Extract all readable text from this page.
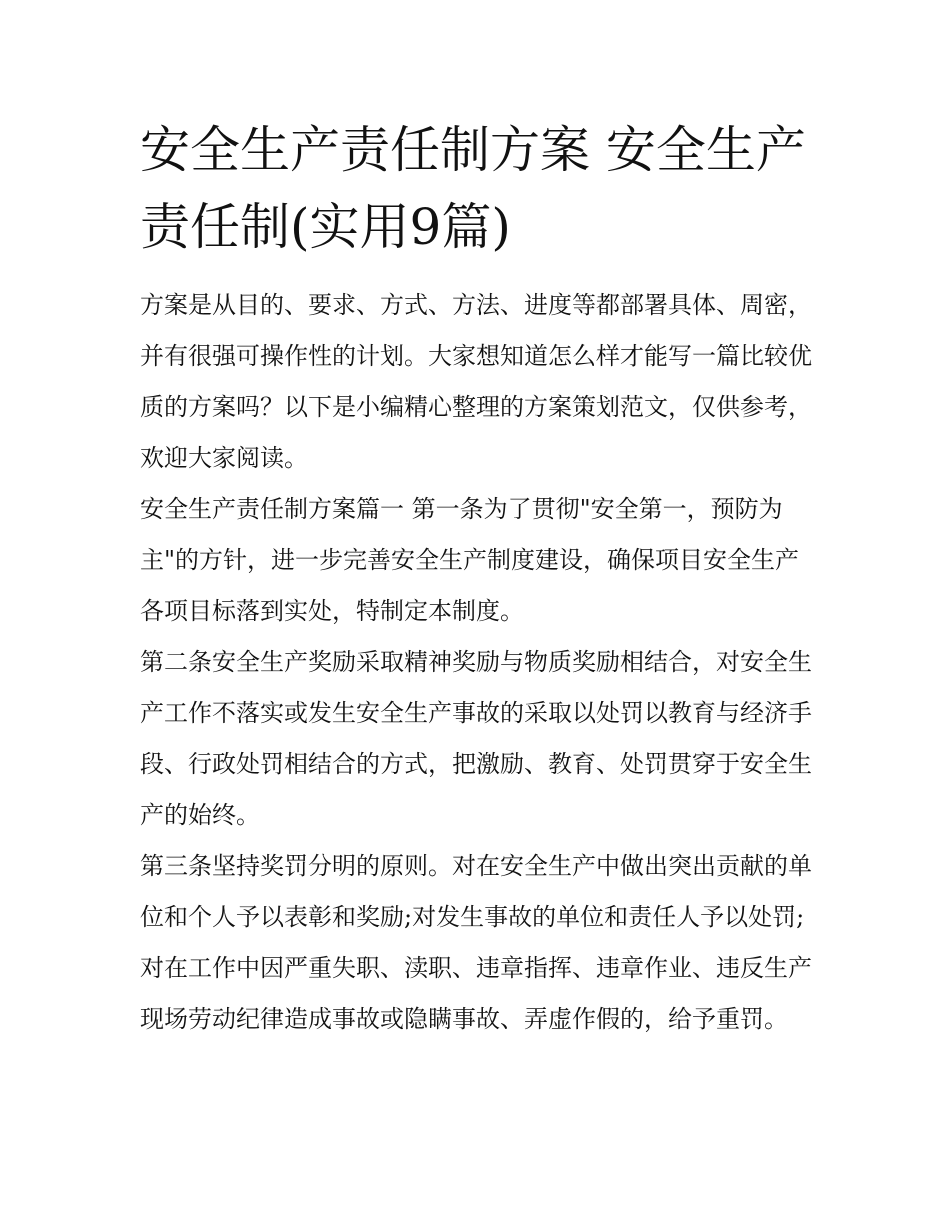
安全生产责任制方案 安全生产责任制(实用9篇)

方案是从目的、要求、方式、方法、进度等都部署具体、周密，并有很强可操作性的计划。大家想知道怎么样才能写一篇比较优质的方案吗？以下是小编精心整理的方案策划范文，仅供参考，欢迎大家阅读。

安全生产责任制方案篇一 第一条为了贯彻"安全第一，预防为主"的方针，进一步完善安全生产制度建设，确保项目安全生产各项目标落到实处，特制定本制度。

第二条安全生产奖励采取精神奖励与物质奖励相结合，对安全生产工作不落实或发生安全生产事故的采取以处罚以教育与经济手段、行政处罚相结合的方式，把激励、教育、处罚贯穿于安全生产的始终。

第三条坚持奖罚分明的原则。对在安全生产中做出突出贡献的单位和个人予以表彰和奖励;对发生事故的单位和责任人予以处罚;对在工作中因严重失职、渎职、违章指挥、违章作业、违反生产现场劳动纪律造成事故或隐瞒事故、弄虚作假的，给予重罚。
